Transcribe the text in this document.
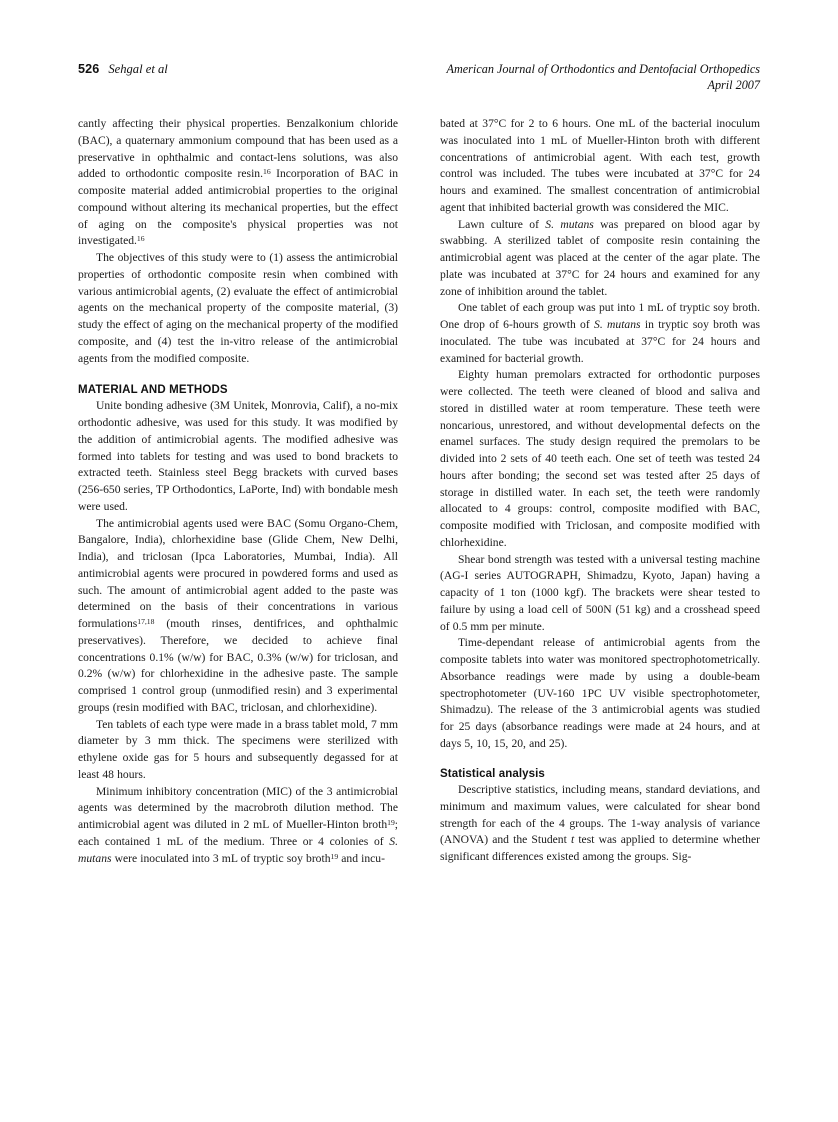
526 Sehgal et al	American Journal of Orthodontics and Dentofacial Orthopedics
April 2007

cantly affecting their physical properties. Benzalkonium chloride (BAC), a quaternary ammonium compound that has been used as a preservative in ophthalmic and contact-lens solutions, was also added to orthodontic composite resin.$^{16}$ Incorporation of BAC in composite material added antimicrobial properties to the original compound without altering its mechanical properties, but the effect of aging on the composite's physical properties was not investigated.$^{16}$

The objectives of this study were to (1) assess the antimicrobial properties of orthodontic composite resin when combined with various antimicrobial agents, (2) evaluate the effect of antimicrobial agents on the mechanical property of the composite material, (3) study the effect of aging on the mechanical property of the modified composite, and (4) test the in-vitro release of the antimicrobial agents from the modified composite.

MATERIAL AND METHODS

Unite bonding adhesive (3M Unitek, Monrovia, Calif), a no-mix orthodontic adhesive, was used for this study. It was modified by the addition of antimicrobial agents. The modified adhesive was formed into tablets for testing and was used to bond brackets to extracted teeth. Stainless steel Begg brackets with curved bases (256-650 series, TP Orthodontics, LaPorte, Ind) with bondable mesh were used.

The antimicrobial agents used were BAC (Somu Organo-Chem, Bangalore, India), chlorhexidine base (Glide Chem, New Delhi, India), and triclosan (Ipca Laboratories, Mumbai, India). All antimicrobial agents were procured in powdered forms and used as such. The amount of antimicrobial agent added to the paste was determined on the basis of their concentrations in various formulations$^{17,18}$ (mouth rinses, dentifrices, and ophthalmic preservatives). Therefore, we decided to achieve final concentrations 0.1% (w/w) for BAC, 0.3% (w/w) for triclosan, and 0.2% (w/w) for chlorhexidine in the adhesive paste. The sample comprised 1 control group (unmodified resin) and 3 experimental groups (resin modified with BAC, triclosan, and chlorhexidine).

Ten tablets of each type were made in a brass tablet mold, 7 mm diameter by 3 mm thick. The specimens were sterilized with ethylene oxide gas for 5 hours and subsequently degassed for at least 48 hours.

Minimum inhibitory concentration (MIC) of the 3 antimicrobial agents was determined by the macrobroth dilution method. The antimicrobial agent was diluted in 2 mL of Mueller-Hinton broth$^{19}$; each contained 1 mL of the medium. Three or 4 colonies of S. mutans were inoculated into 3 mL of tryptic soy broth$^{19}$ and incu-

bated at 37°C for 2 to 6 hours. One mL of the bacterial inoculum was inoculated into 1 mL of Mueller-Hinton broth with different concentrations of antimicrobial agent. With each test, growth control was included. The tubes were incubated at 37°C for 24 hours and examined. The smallest concentration of antimicrobial agent that inhibited bacterial growth was considered the MIC.

Lawn culture of S. mutans was prepared on blood agar by swabbing. A sterilized tablet of composite resin containing the antimicrobial agent was placed at the center of the agar plate. The plate was incubated at 37°C for 24 hours and examined for any zone of inhibition around the tablet.

One tablet of each group was put into 1 mL of tryptic soy broth. One drop of 6-hours growth of S. mutans in tryptic soy broth was inoculated. The tube was incubated at 37°C for 24 hours and examined for bacterial growth.

Eighty human premolars extracted for orthodontic purposes were collected. The teeth were cleaned of blood and saliva and stored in distilled water at room temperature. These teeth were noncarious, unrestored, and without developmental defects on the enamel surfaces. The study design required the premolars to be divided into 2 sets of 40 teeth each. One set of teeth was tested 24 hours after bonding; the second set was tested after 25 days of storage in distilled water. In each set, the teeth were randomly allocated to 4 groups: control, composite modified with BAC, composite modified with Triclosan, and composite modified with chlorhexidine.

Shear bond strength was tested with a universal testing machine (AG-I series AUTOGRAPH, Shimadzu, Kyoto, Japan) having a capacity of 1 ton (1000 kgf). The brackets were shear tested to failure by using a load cell of 500N (51 kg) and a crosshead speed of 0.5 mm per minute.

Time-dependant release of antimicrobial agents from the composite tablets into water was monitored spectrophotometrically. Absorbance readings were made by using a double-beam spectrophotometer (UV-160 1PC UV visible spectrophotometer, Shimadzu). The release of the 3 antimicrobial agents was studied for 25 days (absorbance readings were made at 24 hours, and at days 5, 10, 15, 20, and 25).

Statistical analysis

Descriptive statistics, including means, standard deviations, and minimum and maximum values, were calculated for shear bond strength for each of the 4 groups. The 1-way analysis of variance (ANOVA) and the Student t test was applied to determine whether significant differences existed among the groups. Sig-
